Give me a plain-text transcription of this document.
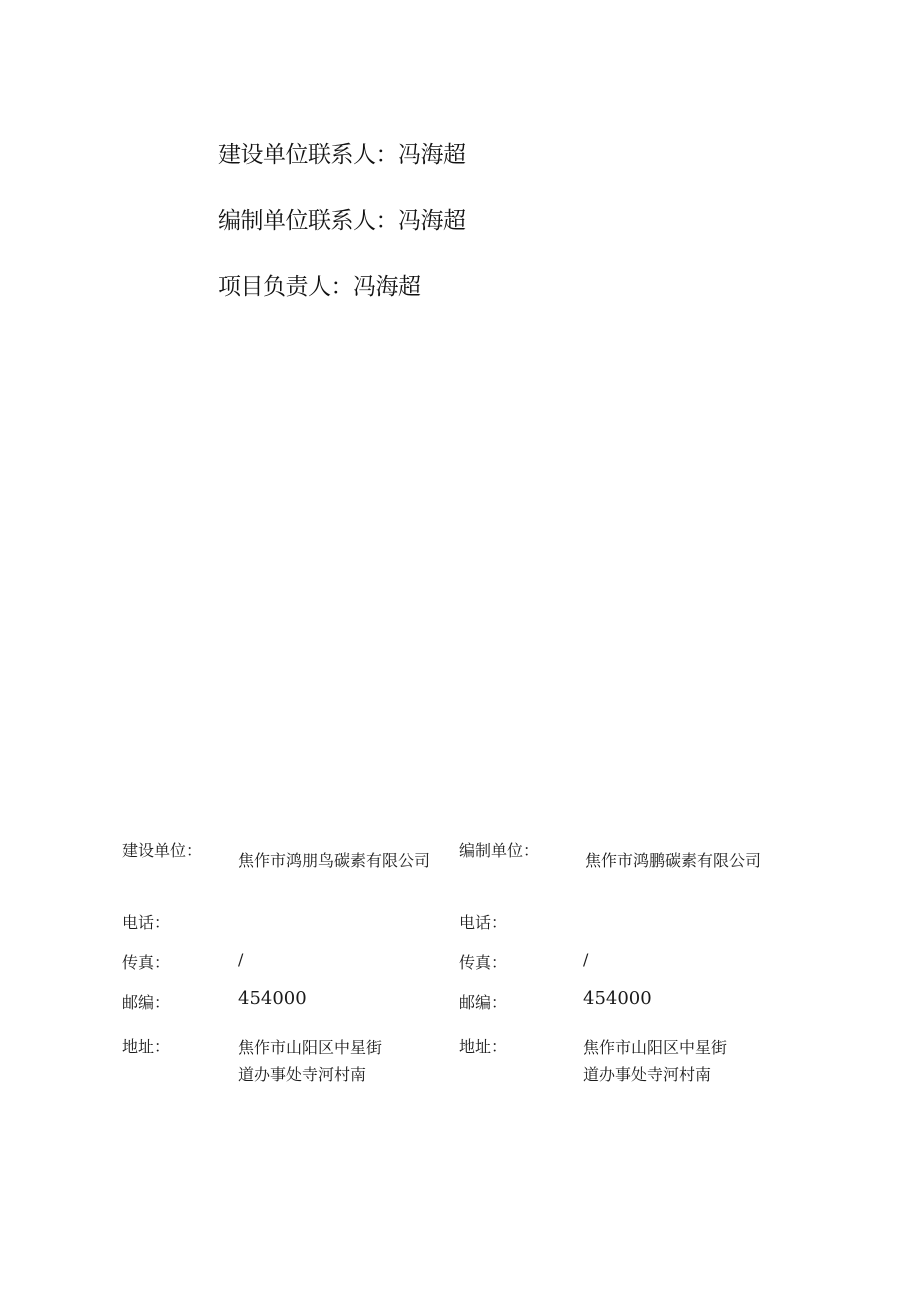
建设单位联系人：冯海超
编制单位联系人：冯海超
项目负责人：冯海超
建设单位：
焦作市鸿朋鸟碳素有限公司
电话：
传真：	/
邮编：	454000
地址：	焦作市山阳区中星街
道办事处寺河村南
编制单位：
焦作市鸿鹏碳素有限公司
电话：
传真：	/
邮编：	454000
地址：	焦作市山阳区中星街
道办事处寺河村南
